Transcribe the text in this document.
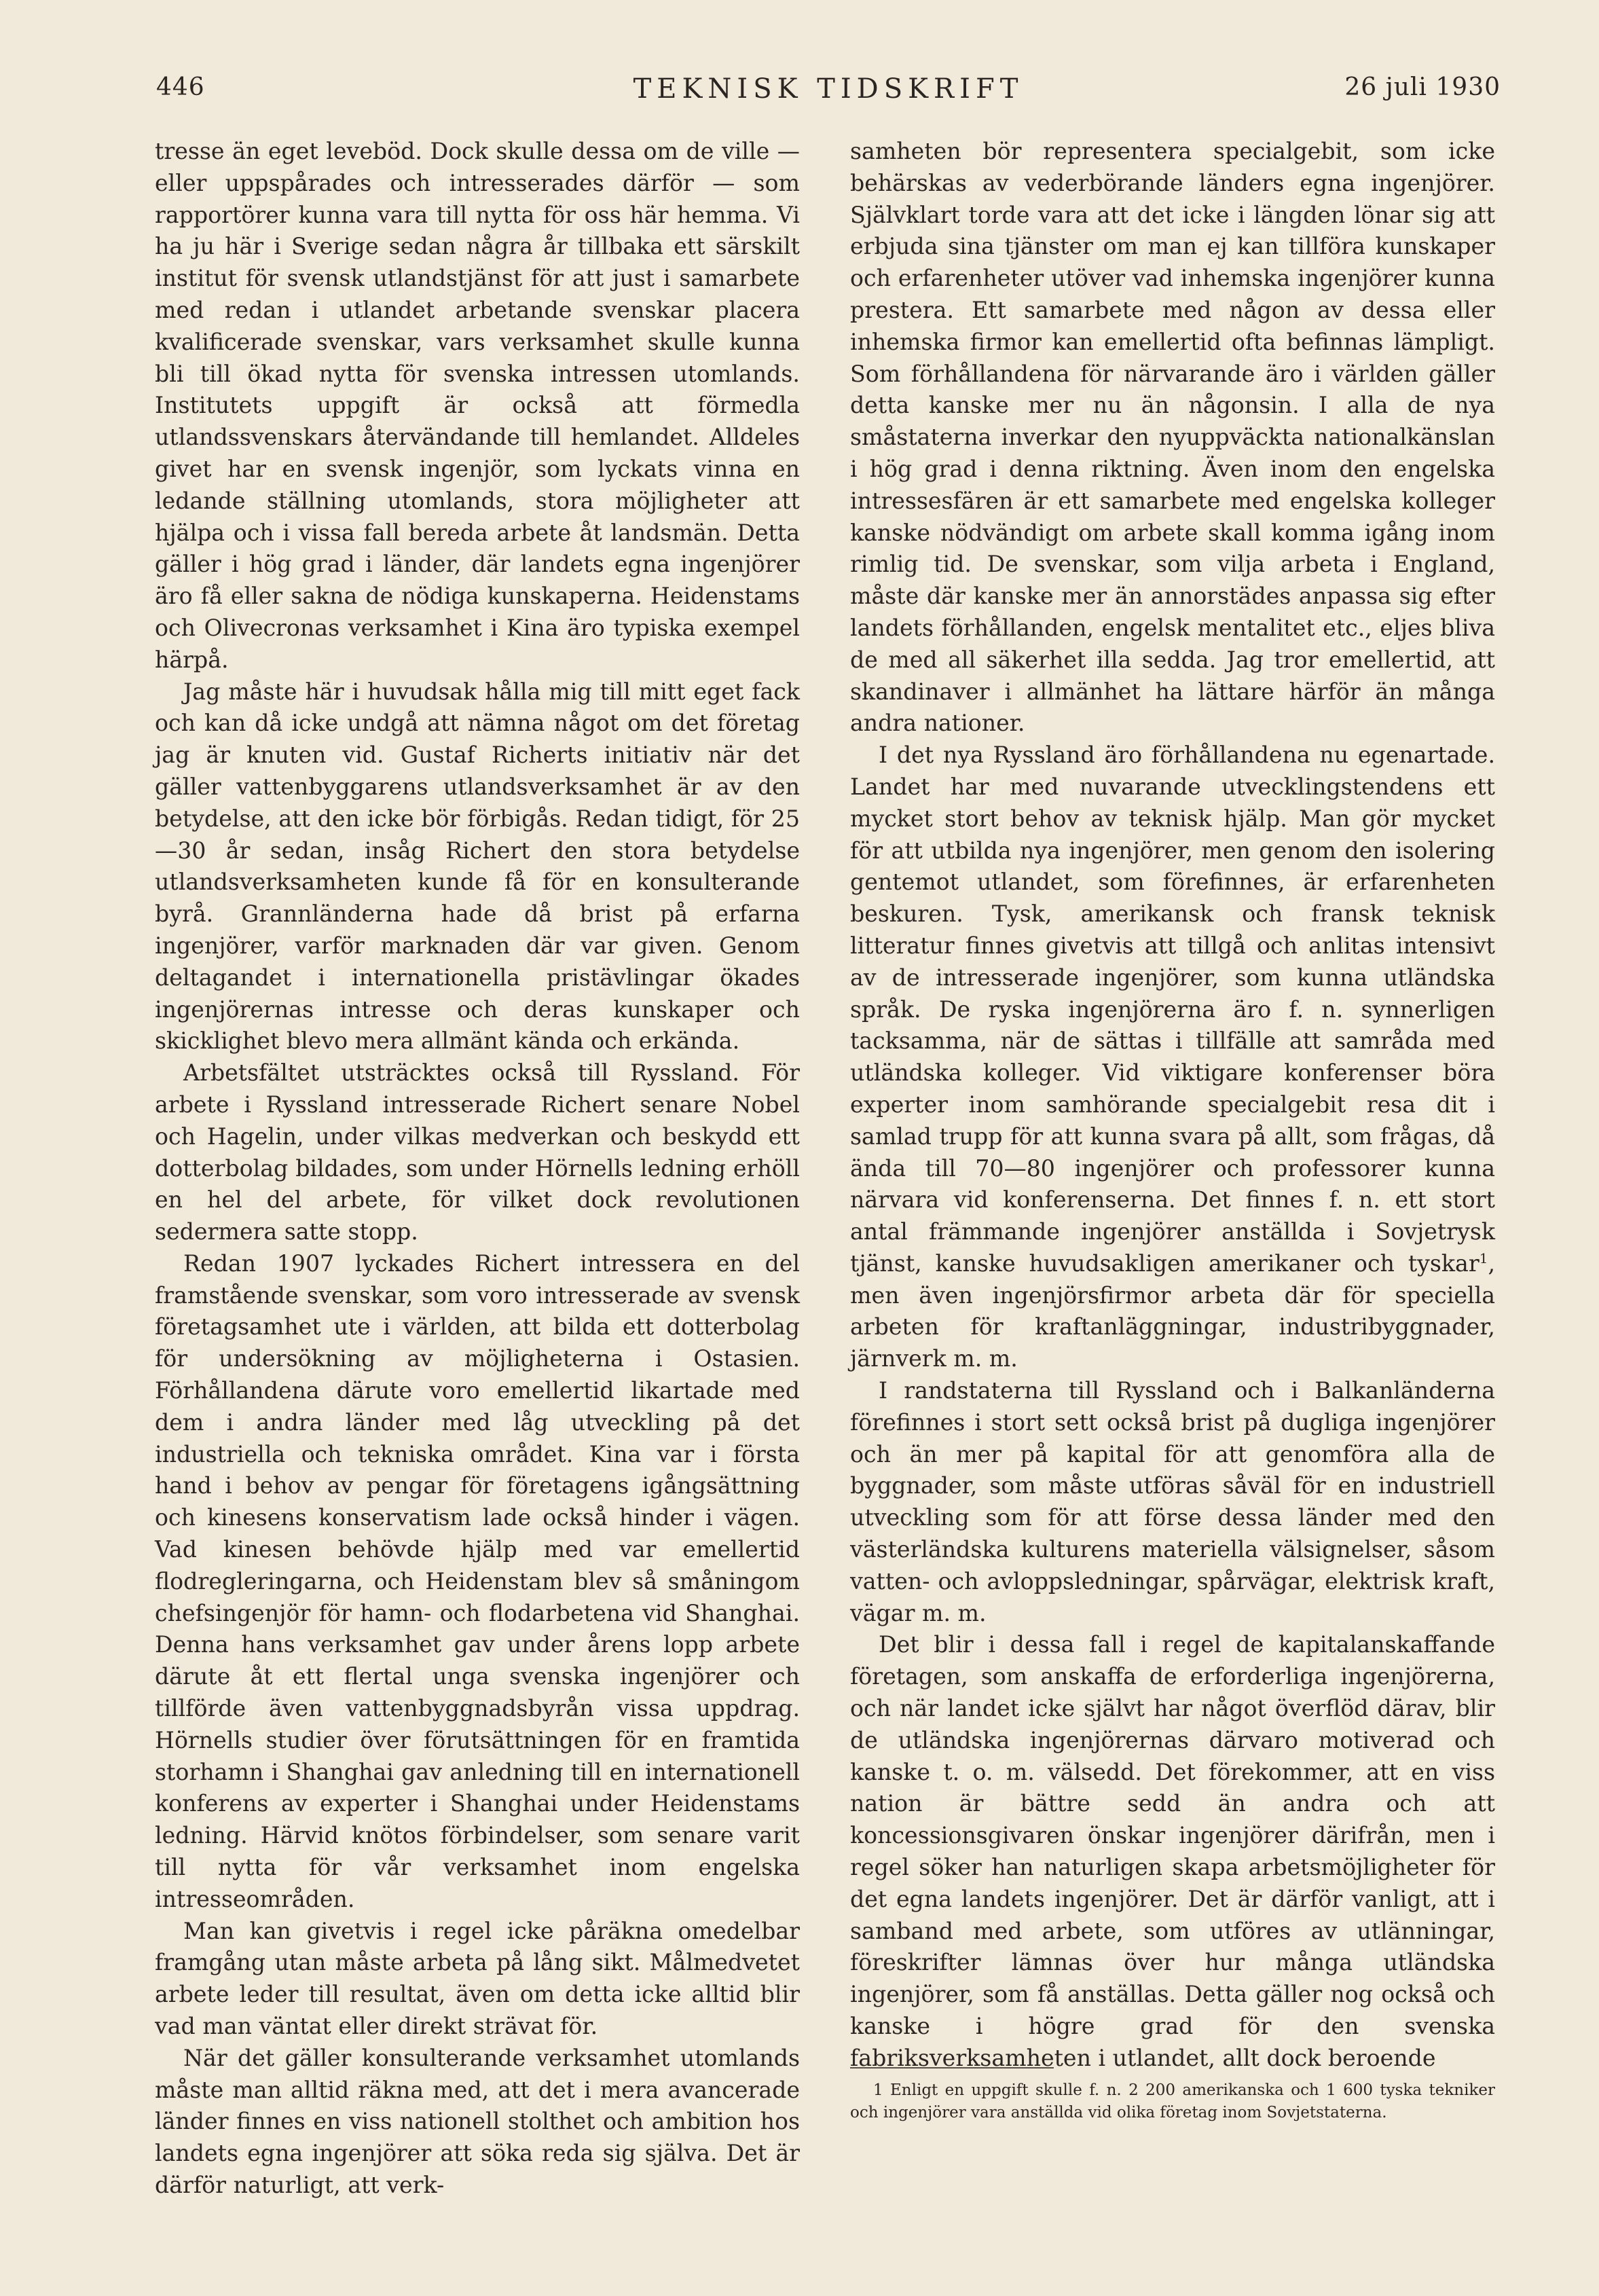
446	TEKNISK TIDSKRIFT	26 juli 1930

tresse än eget leveböd. Dock skulle dessa om de ville — eller uppspårades och intresserades därför — som rapportörer kunna vara till nytta för oss här hemma. Vi ha ju här i Sverige sedan några år tillbaka ett särskilt institut för svensk utlandstjänst för att just i samarbete med redan i utlandet arbetande svenskar placera kvalificerade svenskar, vars verksamhet skulle kunna bli till ökad nytta för svenska intressen utomlands. Institutets uppgift är också att förmedla utlandssvenskars återvändande till hemlandet. Alldeles givet har en svensk ingenjör, som lyckats vinna en ledande ställning utomlands, stora möjligheter att hjälpa och i vissa fall bereda arbete åt landsmän. Detta gäller i hög grad i länder, där landets egna ingenjörer äro få eller sakna de nödiga kunskaperna. Heidenstams och Olivecronas verksamhet i Kina äro typiska exempel härpå.

Jag måste här i huvudsak hålla mig till mitt eget fack och kan då icke undgå att nämna något om det företag jag är knuten vid. Gustaf Richerts initiativ när det gäller vattenbyggarens utlandsverksamhet är av den betydelse, att den icke bör förbigås. Redan tidigt, för 25—30 år sedan, insåg Richert den stora betydelse utlandsverksamheten kunde få för en konsulterande byrå. Grannländerna hade då brist på erfarna ingenjörer, varför marknaden där var given. Genom deltagandet i internationella pristävlingar ökades ingenjörernas intresse och deras kunskaper och skicklighet blevo mera allmänt kända och erkända.

Arbetsfältet utsträcktes också till Ryssland. För arbete i Ryssland intresserade Richert senare Nobel och Hagelin, under vilkas medverkan och beskydd ett dotterbolag bildades, som under Hörnells ledning erhöll en hel del arbete, för vilket dock revolutionen sedermera satte stopp.

Redan 1907 lyckades Richert intressera en del framstående svenskar, som voro intresserade av svensk företagsamhet ute i världen, att bilda ett dotterbolag för undersökning av möjligheterna i Ostasien. Förhållandena därute voro emellertid likartade med dem i andra länder med låg utveckling på det industriella och tekniska området. Kina var i första hand i behov av pengar för företagens igångsättning och kinesens konservatism lade också hinder i vägen. Vad kinesen behövde hjälp med var emellertid flodregleringarna, och Heidenstam blev så småningom chefsingenjör för hamn- och flodarbetena vid Shanghai. Denna hans verksamhet gav under årens lopp arbete därute åt ett flertal unga svenska ingenjörer och tillförde även vattenbyggnadsbyrån vissa uppdrag. Hörnells studier över förutsättningen för en framtida storhamn i Shanghai gav anledning till en internationell konferens av experter i Shanghai under Heidenstams ledning. Härvid knötos förbindelser, som senare varit till nytta för vår verksamhet inom engelska intresseområden.

Man kan givetvis i regel icke påräkna omedelbar framgång utan måste arbeta på lång sikt. Målmedvetet arbete leder till resultat, även om detta icke alltid blir vad man väntat eller direkt strävat för.

När det gäller konsulterande verksamhet utomlands måste man alltid räkna med, att det i mera avancerade länder finnes en viss nationell stolthet och ambition hos landets egna ingenjörer att söka reda sig själva. Det är därför naturligt, att verk-

samheten bör representera specialgebit, som icke behärskas av vederbörande länders egna ingenjörer. Självklart torde vara att det icke i längden lönar sig att erbjuda sina tjänster om man ej kan tillföra kunskaper och erfarenheter utöver vad inhemska ingenjörer kunna prestera. Ett samarbete med någon av dessa eller inhemska firmor kan emellertid ofta befinnas lämpligt. Som förhållandena för närvarande äro i världen gäller detta kanske mer nu än någonsin. I alla de nya småstaterna inverkar den nyuppväckta nationalkänslan i hög grad i denna riktning. Även inom den engelska intressesfären är ett samarbete med engelska kolleger kanske nödvändigt om arbete skall komma igång inom rimlig tid. De svenskar, som vilja arbeta i England, måste där kanske mer än annorstädes anpassa sig efter landets förhållanden, engelsk mentalitet etc., eljes bliva de med all säkerhet illa sedda. Jag tror emellertid, att skandinaver i allmänhet ha lättare härför än många andra nationer.

I det nya Ryssland äro förhållandena nu egenartade. Landet har med nuvarande utvecklingstendens ett mycket stort behov av teknisk hjälp. Man gör mycket för att utbilda nya ingenjörer, men genom den isolering gentemot utlandet, som förefinnes, är erfarenheten beskuren. Tysk, amerikansk och fransk teknisk litteratur finnes givetvis att tillgå och anlitas intensivt av de intresserade ingenjörer, som kunna utländska språk. De ryska ingenjörerna äro f. n. synnerligen tacksamma, när de sättas i tillfälle att samråda med utländska kolleger. Vid viktigare konferenser böra experter inom samhörande specialgebit resa dit i samlad trupp för att kunna svara på allt, som frågas, då ända till 70—80 ingenjörer och professorer kunna närvara vid konferenserna. Det finnes f. n. ett stort antal främmande ingenjörer anställda i Sovjetrysk tjänst, kanske huvudsakligen amerikaner och tyskar$^1$, men även ingenjörsfirmor arbeta där för speciella arbeten för kraftanläggningar, industribyggnader, järnverk m. m.

I randstaterna till Ryssland och i Balkanländerna förefinnes i stort sett också brist på dugliga ingenjörer och än mer på kapital för att genomföra alla de byggnader, som måste utföras såväl för en industriell utveckling som för att förse dessa länder med den västerländska kulturens materiella välsignelser, såsom vatten- och avloppsledningar, spårvägar, elektrisk kraft, vägar m. m.

Det blir i dessa fall i regel de kapitalanskaffande företagen, som anskaffa de erforderliga ingenjörerna, och när landet icke självt har något överflöd därav, blir de utländska ingenjörernas därvaro motiverad och kanske t. o. m. välsedd. Det förekommer, att en viss nation är bättre sedd än andra och att koncessionsgivaren önskar ingenjörer därifrån, men i regel söker han naturligen skapa arbetsmöjligheter för det egna landets ingenjörer. Det är därför vanligt, att i samband med arbete, som utföres av utlänningar, föreskrifter lämnas över hur många utländska ingenjörer, som få anställas. Detta gäller nog också och kanske i högre grad för den svenska fabriksverksamheten i utlandet, allt dock beroende

1 Enligt en uppgift skulle f. n. 2 200 amerikanska och 1 600 tyska tekniker och ingenjörer vara anställda vid olika företag inom Sovjetstaterna.
